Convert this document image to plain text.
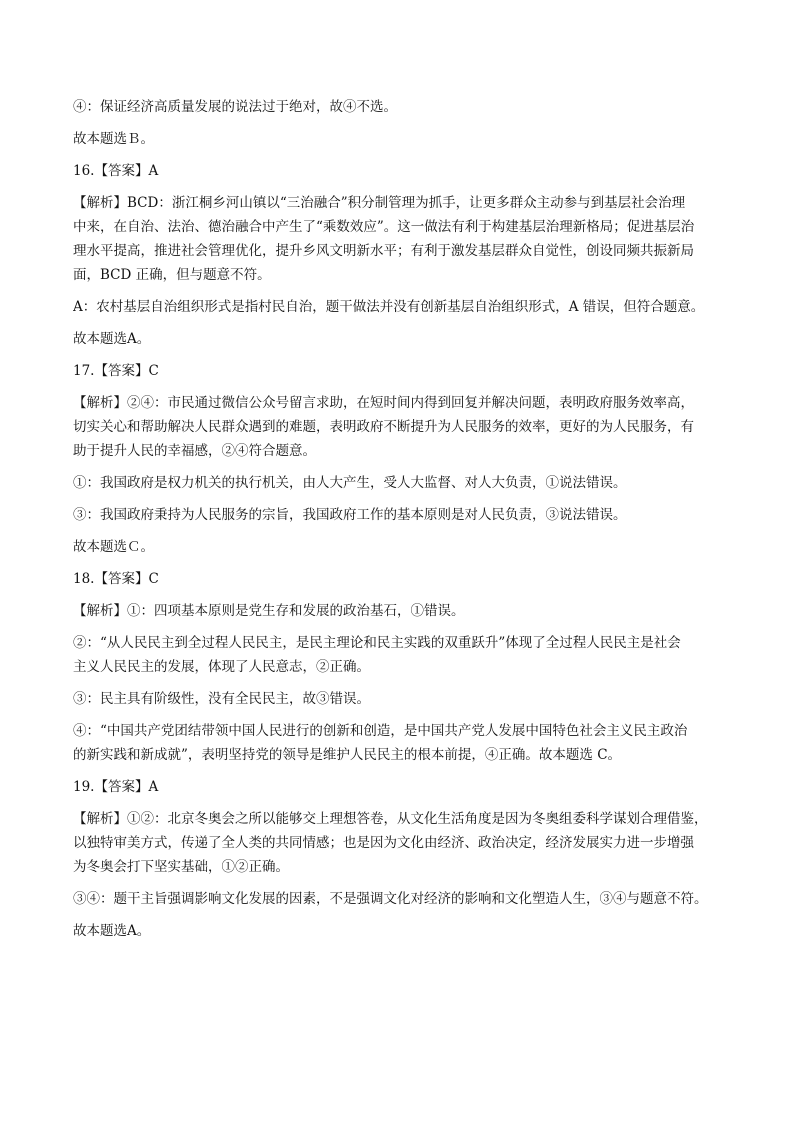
④：保证经济高质量发展的说法过于绝对，故④不选。

故本题选Ｂ。

16.【答案】A

【解析】BCD：浙江桐乡河山镇以“三治融合”积分制管理为抓手，让更多群众主动参与到基层社会治理

中来，在自治、法治、德治融合中产生了“乘数效应”。这一做法有利于构建基层治理新格局；促进基层治

理水平提高，推进社会管理优化，提升乡风文明新水平；有利于激发基层群众自觉性，创设同频共振新局

面，BCD 正确，但与题意不符。

A：农村基层自治组织形式是指村民自治，题干做法并没有创新基层自治组织形式，A 错误，但符合题意。

故本题选A。

17.【答案】C

【解析】②④：市民通过微信公众号留言求助，在短时间内得到回复并解决问题，表明政府服务效率高，

切实关心和帮助解决人民群众遇到的难题，表明政府不断提升为人民服务的效率，更好的为人民服务，有

助于提升人民的幸福感，②④符合题意。

①：我国政府是权力机关的执行机关，由人大产生，受人大监督、对人大负责，①说法错误。

③：我国政府秉持为人民服务的宗旨，我国政府工作的基本原则是对人民负责，③说法错误。

故本题选Ｃ。

18.【答案】C

【解析】①：四项基本原则是党生存和发展的政治基石，①错误。

②：“从人民民主到全过程人民民主，是民主理论和民主实践的双重跃升”体现了全过程人民民主是社会

主义人民民主的发展，体现了人民意志，②正确。

③：民主具有阶级性，没有全民民主，故③错误。

④：“中国共产党团结带领中国人民进行的创新和创造，是中国共产党人发展中国特色社会主义民主政治

的新实践和新成就”，表明坚持党的领导是维护人民民主的根本前提，④正确。故本题选 C。

19.【答案】A

【解析】①②：北京冬奥会之所以能够交上理想答卷，从文化生活角度是因为冬奥组委科学谋划合理借鉴，

以独特审美方式，传递了全人类的共同情感；也是因为文化由经济、政治决定，经济发展实力进一步增强

为冬奥会打下坚实基础，①②正确。

③④：题干主旨强调影响文化发展的因素，不是强调文化对经济的影响和文化塑造人生，③④与题意不符。

故本题选A。
